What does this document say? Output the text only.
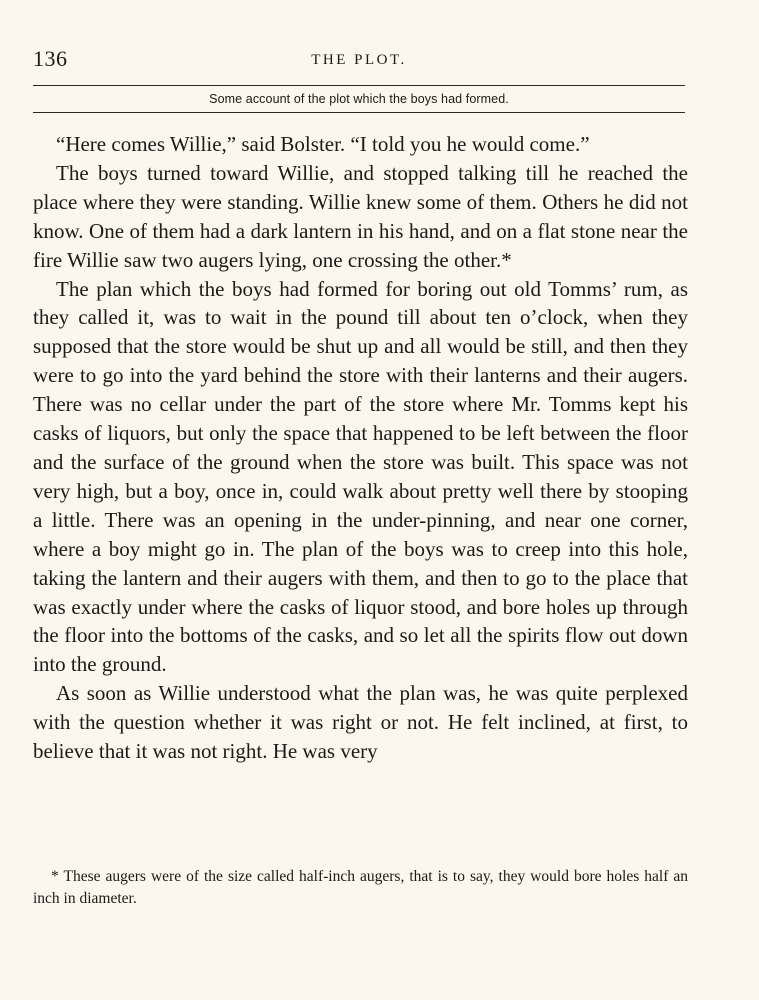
136	THE PLOT.
Some account of the plot which the boys had formed.

“Here comes Willie,” said Bolster. “I told you he would come.”

The boys turned toward Willie, and stopped talking till he reached the place where they were standing. Willie knew some of them. Others he did not know. One of them had a dark lantern in his hand, and on a flat stone near the fire Willie saw two augers lying, one crossing the other.*

The plan which the boys had formed for boring out old Tomms’ rum, as they called it, was to wait in the pound till about ten o’clock, when they supposed that the store would be shut up and all would be still, and then they were to go into the yard behind the store with their lanterns and their augers. There was no cellar under the part of the store where Mr. Tomms kept his casks of liquors, but only the space that happened to be left between the floor and the surface of the ground when the store was built. This space was not very high, but a boy, once in, could walk about pretty well there by stooping a little. There was an opening in the under-pinning, and near one corner, where a boy might go in. The plan of the boys was to creep into this hole, taking the lantern and their augers with them, and then to go to the place that was exactly under where the casks of liquor stood, and bore holes up through the floor into the bottoms of the casks, and so let all the spirits flow out down into the ground.

As soon as Willie understood what the plan was, he was quite perplexed with the question whether it was right or not. He felt inclined, at first, to believe that it was not right. He was very

* These augers were of the size called half-inch augers, that is to say, they would bore holes half an inch in diameter.
